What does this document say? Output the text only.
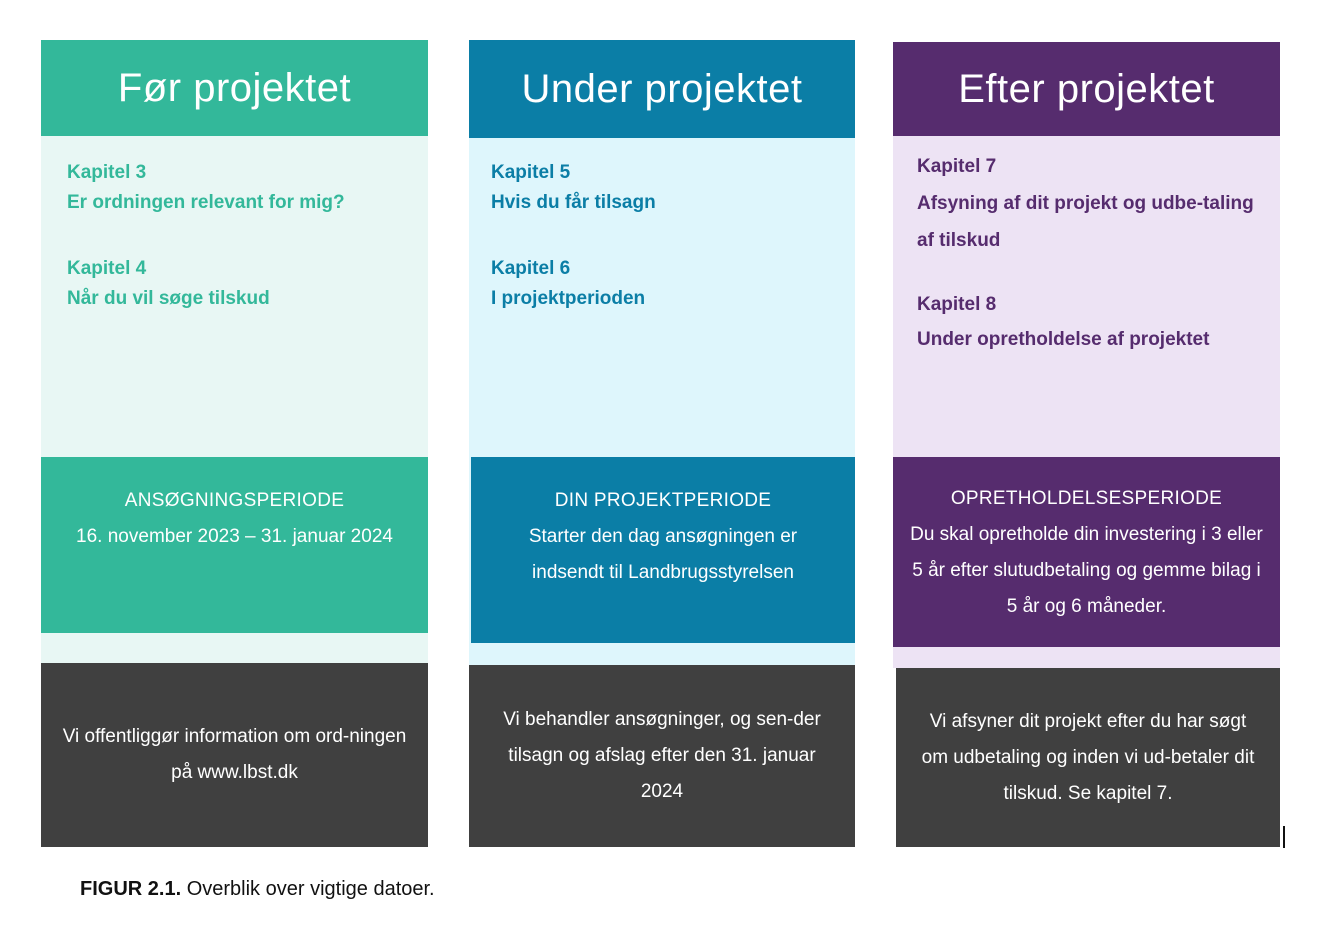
Før projektet
Kapitel 3
Er ordningen relevant for mig?
Kapitel 4
Når du vil søge tilskud
ANSØGNINGSPERIODE
16. november 2023 – 31. januar 2024
Vi offentliggør information om ord-ningen på www.lbst.dk
Under projektet
Kapitel 5
Hvis du får tilsagn
Kapitel 6
I projektperioden
DIN PROJEKTPERIODE
Starter den dag ansøgningen er indsendt til Landbrugsstyrelsen
Vi behandler ansøgninger, og sen-der tilsagn og afslag efter den 31. januar 2024
Efter projektet
Kapitel 7
Afsyning af dit projekt og udbe-taling af tilskud
Kapitel 8
Under opretholdelse af projektet
OPRETHOLDELSESPERIODE
Du skal opretholde din investering i 3 eller 5 år efter slutudbetaling og gemme bilag i 5 år og 6 måneder.
Vi afsyner dit projekt efter du har søgt om udbetaling og inden vi ud-betaler dit tilskud. Se kapitel 7.
FIGUR 2.1. Overblik over vigtige datoer.
